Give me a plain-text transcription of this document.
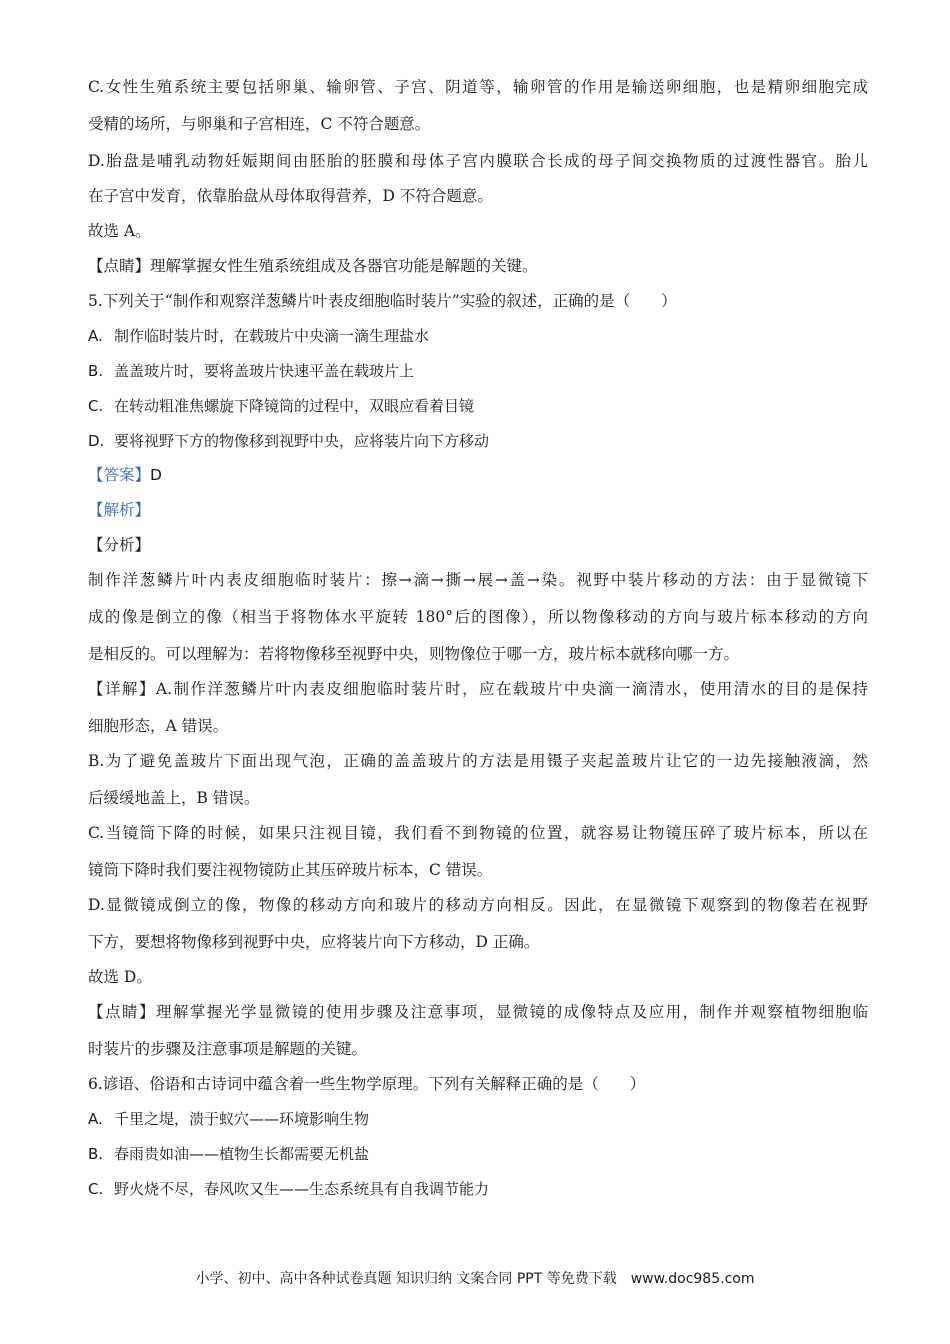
C.女性生殖系统主要包括卵巢、输卵管、子宫、阴道等，输卵管的作用是输送卵细胞，也是精卵细胞完成
受精的场所，与卵巢和子宫相连，C 不符合题意。
D.胎盘是哺乳动物妊娠期间由胚胎的胚膜和母体子宫内膜联合长成的母子间交换物质的过渡性器官。胎儿
在子宫中发育，依靠胎盘从母体取得营养，D 不符合题意。
故选 A。
【点睛】理解掌握女性生殖系统组成及各器官功能是解题的关键。
5.下列关于“制作和观察洋葱鳞片叶表皮细胞临时装片”实验的叙述，正确的是（　　）
A. 制作临时装片时，在载玻片中央滴一滴生理盐水
B. 盖盖玻片时，要将盖玻片快速平盖在载玻片上
C. 在转动粗准焦螺旋下降镜筒的过程中，双眼应看着目镜
D. 要将视野下方的物像移到视野中央，应将装片向下方移动
【答案】D
【解析】
【分析】
制作洋葱鳞片叶内表皮细胞临时装片：擦→滴→撕→展→盖→染。视野中装片移动的方法：由于显微镜下
成的像是倒立的像（相当于将物体水平旋转 180°后的图像），所以物像移动的方向与玻片标本移动的方向
是相反的。可以理解为：若将物像移至视野中央，则物像位于哪一方，玻片标本就移向哪一方。
【详解】A.制作洋葱鳞片叶内表皮细胞临时装片时，应在载玻片中央滴一滴清水，使用清水的目的是保持
细胞形态，A 错误。
B.为了避免盖玻片下面出现气泡，正确的盖盖玻片的方法是用镊子夹起盖玻片让它的一边先接触液滴，然
后缓缓地盖上，B 错误。
C.当镜筒下降的时候，如果只注视目镜，我们看不到物镜的位置，就容易让物镜压碎了玻片标本，所以在
镜筒下降时我们要注视物镜防止其压碎玻片标本，C 错误。
D.显微镜成倒立的像，物像的移动方向和玻片的移动方向相反。因此，在显微镜下观察到的物像若在视野
下方，要想将物像移到视野中央，应将装片向下方移动，D 正确。
故选 D。
【点睛】理解掌握光学显微镜的使用步骤及注意事项，显微镜的成像特点及应用，制作并观察植物细胞临
时装片的步骤及注意事项是解题的关键。
6.谚语、俗语和古诗词中蕴含着一些生物学原理。下列有关解释正确的是（　　）
A. 千里之堤，溃于蚁穴——环境影响生物
B. 春雨贵如油——植物生长都需要无机盐
C. 野火烧不尽，春风吹又生——生态系统具有自我调节能力
小学、初中、高中各种试卷真题 知识归纳 文案合同 PPT 等免费下载　www.doc985.com
